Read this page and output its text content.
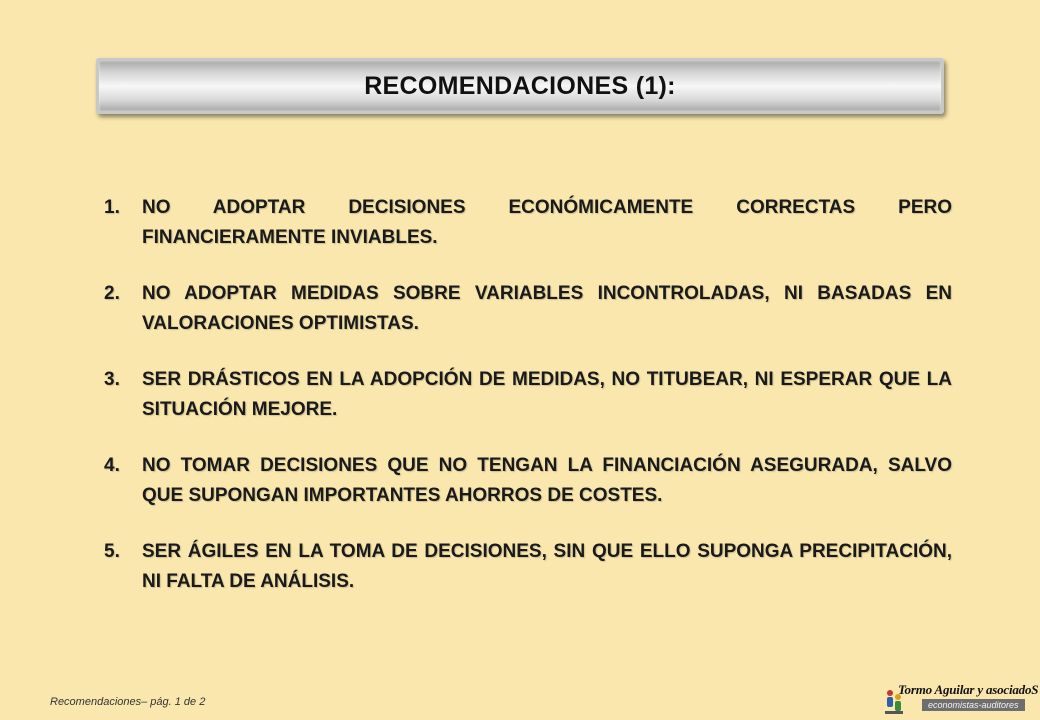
RECOMENDACIONES (1):
1.	NO ADOPTAR DECISIONES ECONÓMICAMENTE CORRECTAS PERO FINANCIERAMENTE INVIABLES.
2.	NO ADOPTAR MEDIDAS SOBRE VARIABLES INCONTROLADAS, NI BASADAS EN VALORACIONES OPTIMISTAS.
3.	SER DRÁSTICOS EN LA ADOPCIÓN DE MEDIDAS, NO TITUBEAR, NI ESPERAR QUE LA SITUACIÓN MEJORE.
4.	NO TOMAR DECISIONES QUE NO TENGAN LA FINANCIACIÓN ASEGURADA, SALVO QUE SUPONGAN IMPORTANTES AHORROS DE COSTES.
5.	SER ÁGILES EN LA TOMA DE DECISIONES, SIN QUE ELLO SUPONGA PRECIPITACIÓN, NI FALTA DE ANÁLISIS.
Recomendaciones– pág. 1 de 2
Tormo Aguilar y asociadoS
economistas-auditores
